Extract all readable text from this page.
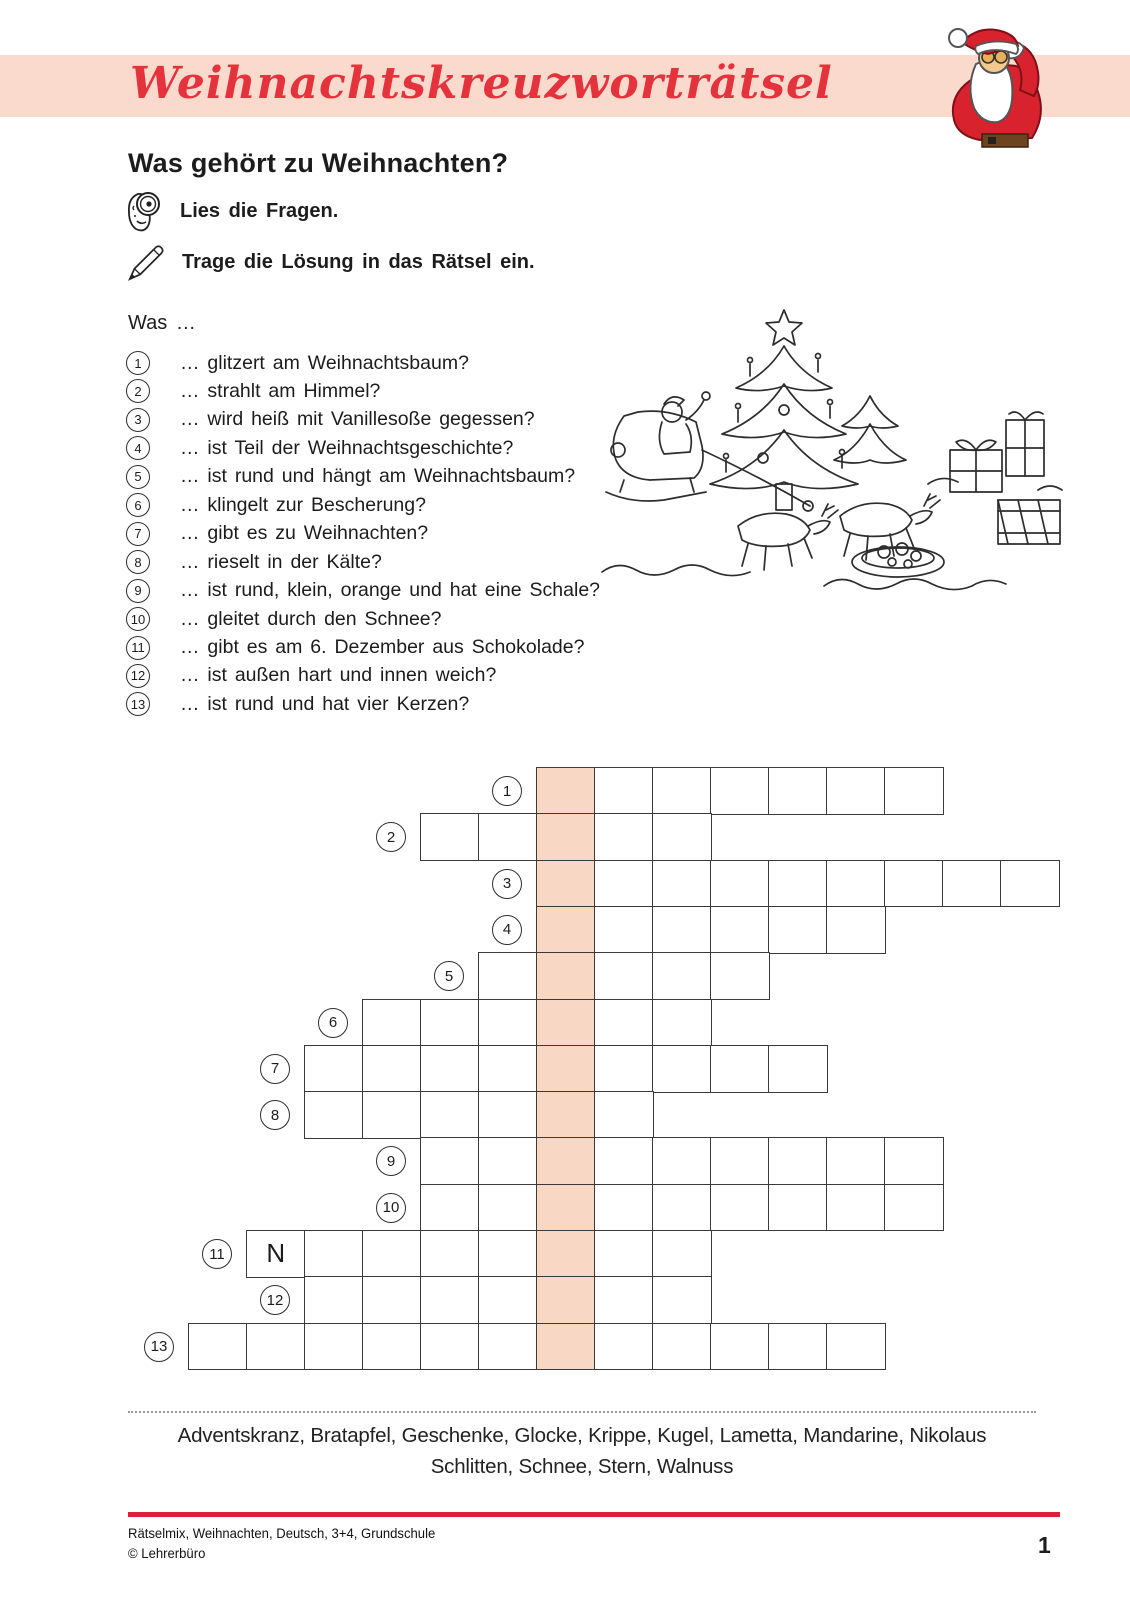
Weihnachtskreuzworträtsel
Was gehört zu Weihnachten?
Lies die Fragen.
Trage die Lösung in das Rätsel ein.
Was …
1	… glitzert am Weihnachtsbaum?
2	… strahlt am Himmel?
3	… wird heiß mit Vanillesoße gegessen?
4	… ist Teil der Weihnachtsgeschichte?
5	… ist rund und hängt am Weihnachtsbaum?
6	… klingelt zur Bescherung?
7	… gibt es zu Weihnachten?
8	… rieselt in der Kälte?
9	… ist rund, klein, orange und hat eine Schale?
10 … gleitet durch den Schnee?
11 … gibt es am 6. Dezember aus Schokolade?
12 … ist außen hart und innen weich?
13 … ist rund und hat vier Kerzen?
1
2
3
4
5
6
7
8
9
10
N
11
12
13
Adventskranz, Bratapfel, Geschenke, Glocke, Krippe, Kugel, Lametta, Mandarine, Nikolaus
Schlitten, Schnee, Stern, Walnuss
Rätselmix, Weihnachten, Deutsch, 3+4, Grundschule
© Lehrerbüro	1
